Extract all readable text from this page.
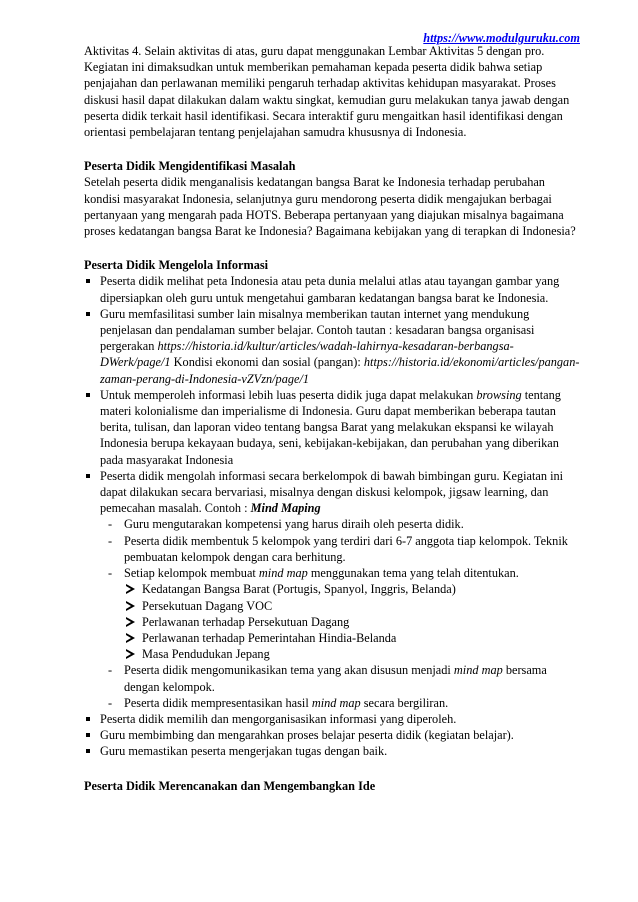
https://www.modulguruku.com

Aktivitas 4. Selain aktivitas di atas, guru dapat menggunakan Lembar Aktivitas 5 dengan pro. Kegiatan ini dimaksudkan untuk memberikan pemahaman kepada peserta didik bahwa setiap penjajahan dan perlawanan memiliki pengaruh terhadap aktivitas kehidupan masyarakat. Proses diskusi hasil dapat dilakukan dalam waktu singkat, kemudian guru melakukan tanya jawab dengan peserta didik terkait hasil identifikasi. Secara interaktif guru mengaitkan hasil identifikasi dengan orientasi pembelajaran tentang penjelajahan samudra khususnya di Indonesia.

Peserta Didik Mengidentifikasi Masalah

Setelah peserta didik menganalisis kedatangan bangsa Barat ke Indonesia terhadap perubahan kondisi masyarakat Indonesia, selanjutnya guru mendorong peserta didik mengajukan berbagai pertanyaan yang mengarah pada HOTS. Beberapa pertanyaan yang diajukan misalnya bagaimana proses kedatangan bangsa Barat ke Indonesia? Bagaimana kebijakan yang di terapkan di Indonesia?

Peserta Didik Mengelola Informasi

Peserta didik melihat peta Indonesia atau peta dunia melalui atlas atau tayangan gambar yang dipersiapkan oleh guru untuk mengetahui gambaran kedatangan bangsa barat ke Indonesia.
Guru memfasilitasi sumber lain misalnya memberikan tautan internet yang mendukung penjelasan dan pendalaman sumber belajar. Contoh tautan : kesadaran bangsa organisasi pergerakan https://historia.id/kultur/articles/wadah-lahirnya-kesadaran-berbangsa-DWerk/page/1 Kondisi ekonomi dan sosial (pangan): https://historia.id/ekonomi/articles/pangan-zaman-perang-di-Indonesia-vZVzn/page/1
Untuk memperoleh informasi lebih luas peserta didik juga dapat melakukan browsing tentang materi kolonialisme dan imperialisme di Indonesia. Guru dapat memberikan beberapa tautan berita, tulisan, dan laporan video tentang bangsa Barat yang melakukan ekspansi ke wilayah Indonesia berupa kekayaan budaya, seni, kebijakan-kebijakan, dan perubahan yang diberikan pada masyarakat Indonesia
Peserta didik mengolah informasi secara berkelompok di bawah bimbingan guru. Kegiatan ini dapat dilakukan secara bervariasi, misalnya dengan diskusi kelompok, jigsaw learning, dan pemecahan masalah. Contoh : Mind Maping
- Guru mengutarakan kompetensi yang harus diraih oleh peserta didik.
- Peserta didik membentuk 5 kelompok yang terdiri dari 6-7 anggota tiap kelompok. Teknik pembuatan kelompok dengan cara berhitung.
- Setiap kelompok membuat mind map menggunakan tema yang telah ditentukan.
Kedatangan Bangsa Barat (Portugis, Spanyol, Inggris, Belanda)
Persekutuan Dagang VOC
Perlawanan terhadap Persekutuan Dagang
Perlawanan terhadap Pemerintahan Hindia-Belanda
Masa Pendudukan Jepang
- Peserta didik mengomunikasikan tema yang akan disusun menjadi mind map bersama dengan kelompok.
- Peserta didik mempresentasikan hasil mind map secara bergiliran.
Peserta didik memilih dan mengorganisasikan informasi yang diperoleh.
Guru membimbing dan mengarahkan proses belajar peserta didik (kegiatan belajar).
Guru memastikan peserta mengerjakan tugas dengan baik.

Peserta Didik Merencanakan dan Mengembangkan Ide
